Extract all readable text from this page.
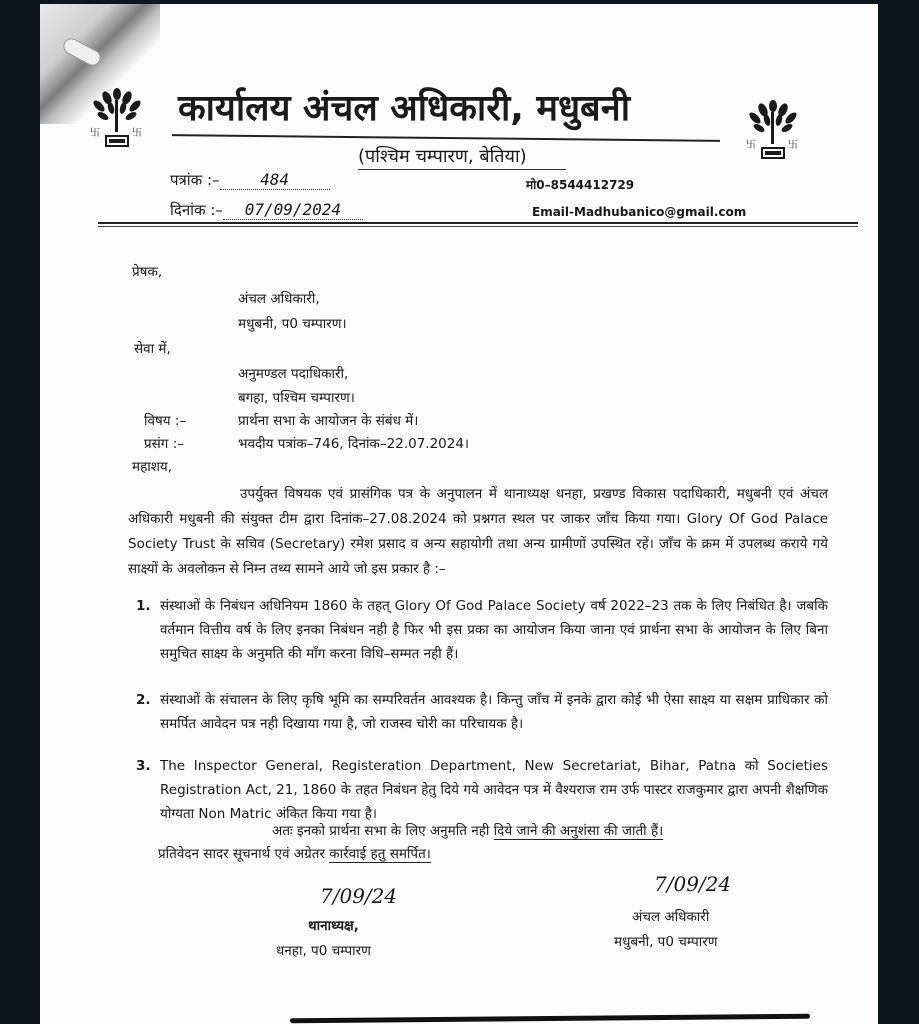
卐	卐
卐	卐
कार्यालय अंचल अधिकारी, मधुबनी
(पश्चिम चम्पारण, बेतिया)
पत्रांक :–	484	मो0–8544412729
दिनांक :– 07/09/2024	Email-Madhubanico@gmail.com
प्रेषक,
अंचल अधिकारी,
मधुबनी, प0 चम्पारण।
सेवा में,
अनुमण्डल पदाधिकारी,
बगहा, पश्चिम चम्पारण।
विषय :–	प्रार्थना सभा के आयोजन के संबंध में।
प्रसंग :–	भवदीय पत्रांक–746, दिनांक–22.07.2024।
महाशय,
उपर्युक्त विषयक एवं प्रासंगिक पत्र के अनुपालन में थानाध्यक्ष धनहा, प्रखण्ड विकास पदाधिकारी, मधुबनी एवं अंचल अधिकारी मधुबनी की संयुक्त टीम द्वारा दिनांक–27.08.2024 को प्रश्नगत स्थल पर जाकर जाँच किया गया। Glory Of God Palace Society Trust के सचिव (Secretary) रमेश प्रसाद व अन्य सहायोगी तथा अन्य ग्रामीणों उपस्थित रहें। जाँच के क्रम में उपलब्ध कराये गये साक्ष्यों के अवलोकन से निम्न तथ्य सामने आये जो इस प्रकार है :–
1. संस्थाओं के निबंधन अधिनियम 1860 के तहत् Glory Of God Palace Society वर्ष 2022–23 तक के लिए निबंधित है। जबकि वर्तमान वित्तीय वर्ष के लिए इनका निबंधन नही है फिर भी इस प्रका का आयोजन किया जाना एवं प्रार्थना सभा के आयोजन के लिए बिना समुचित साक्ष्य के अनुमति की माँग करना विधि–सम्मत नही हैं।
2. संस्थाओं के संचालन के लिए कृषि भूमि का सम्परिवर्तन आवश्यक है। किन्तु जाँच में इनके द्वारा कोई भी ऐसा साक्ष्य या सक्षम प्राधिकार को समर्पित आवेदन पत्र नही दिखाया गया है, जो राजस्व चोरी का परिचायक है।
3. The Inspector General, Registeration Department, New Secretariat, Bihar, Patna को Societies Registration Act, 21, 1860 के तहत निबंधन हेतु दिये गये आवेदन पत्र में वैश्यराज राम उर्फ पास्टर राजकुमार द्वारा अपनी शैक्षणिक योग्यता Non Matric अंकित किया गया है।
अतः इनको प्रार्थना सभा के लिए अनुमति नही दिये जाने की अनुशंसा की जाती हैं।
प्रतिवेदन सादर सूचनार्थ एवं अग्रेतर कार्रवाई हतु समर्पित।
7/09/24
थानाध्यक्ष,
धनहा, प0 चम्पारण
7/09/24
अंचल अधिकारी
मधुबनी, प0 चम्पारण
